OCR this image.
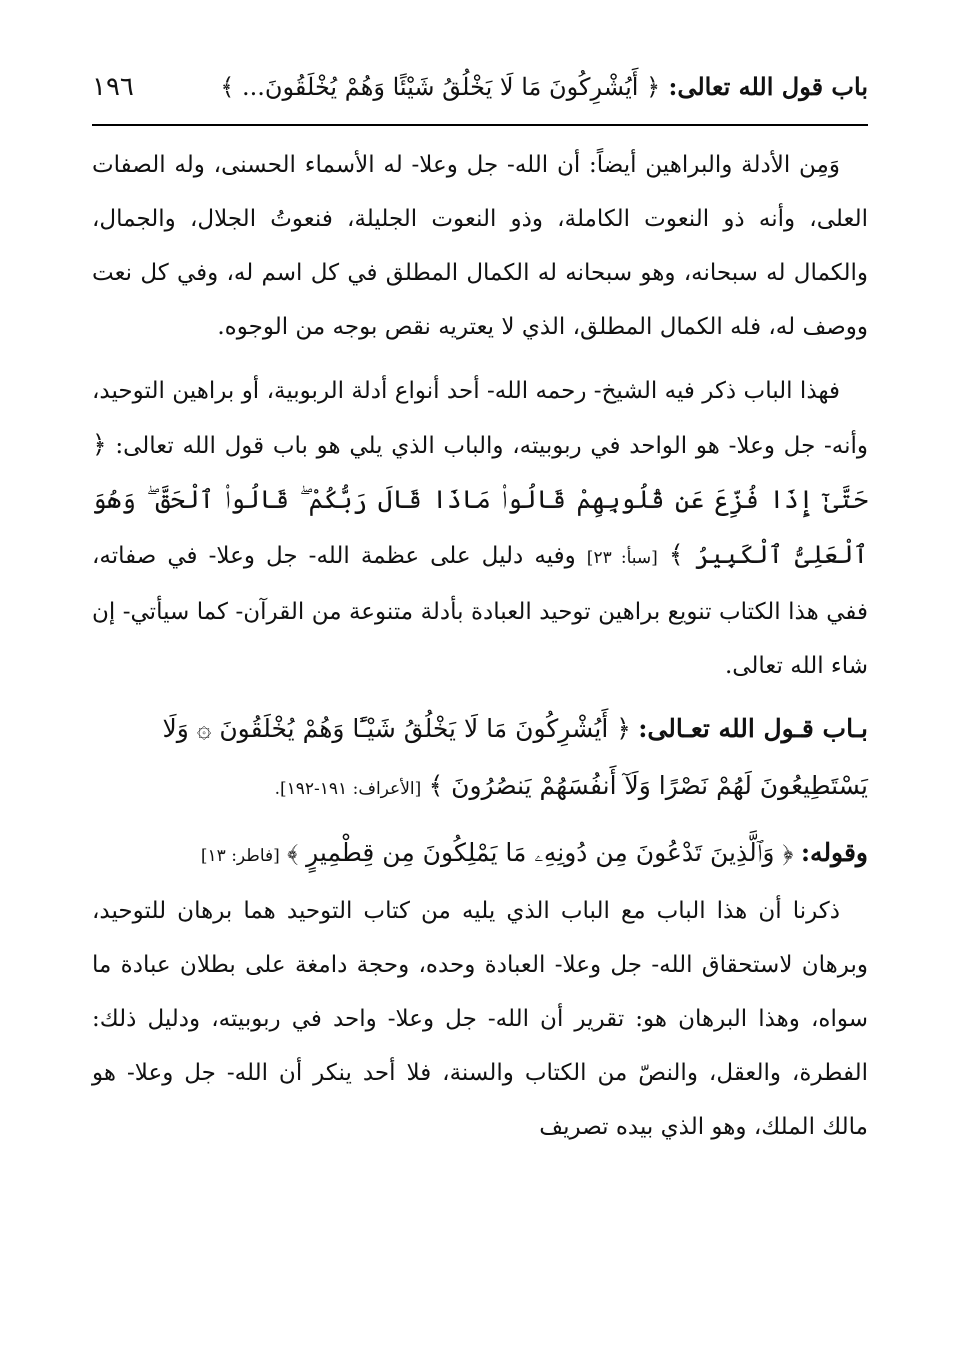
باب قول الله تعالى: ﴿ أَيُشْرِكُونَ مَا لَا يَخْلُقُ شَيْئًا وَهُمْ يُخْلَقُونَ... ﴾
١٩٦

وَمِن الأدلة والبراهين أيضاً: أن الله- جل وعلا- له الأسماء الحسنى، وله الصفات العلى، وأنه ذو النعوت الكاملة، وذو النعوت الجليلة، فنعوتُ الجلال، والجمال، والكمال له سبحانه، وهو سبحانه له الكمال المطلق في كل اسم له، وفي كل نعت ووصف له، فله الكمال المطلق، الذي لا يعتريه نقص بوجه من الوجوه.

فهذا الباب ذكر فيه الشيخ- رحمه الله- أحد أنواع أدلة الربوبية، أو براهين التوحيد، وأنه- جل وعلا- هو الواحد في ربوبيته، والباب الذي يلي هو باب قول الله تعالى: ﴿ حَتَّىٰٓ إِذَا فُزِّعَ عَن قُلُوبِهِمْ قَالُوا۟ مَاذَا قَالَ رَبُّكُمْ ۖ قَالُوا۟ ٱلْحَقَّ ۖ وَهُوَ ٱلْعَلِىُّ ٱلْكَبِيرُ ﴾ [سبأ: ٢٣] وفيه دليل على عظمة الله- جل وعلا- في صفاته، ففي هذا الكتاب تنويع براهين توحيد العبادة بأدلة متنوعة من القرآن- كما سيأتي- إن شاء الله تعالى.

بـاب قـول الله تعـالى: ﴿ أَيُشْرِكُونَ مَا لَا يَخْلُقُ شَيْـًٔا وَهُمْ يُخْلَقُونَ ۞ وَلَا يَسْتَطِيعُونَ لَهُمْ نَصْرًا وَلَآ أَنفُسَهُمْ يَنصُرُونَ ﴾ [الأعراف: ١٩١-١٩٢].

وقوله: ﴿ وَٱلَّذِينَ تَدْعُونَ مِن دُونِهِۦ مَا يَمْلِكُونَ مِن قِطْمِيرٍ ﴾ [فاطر: ١٣]

ذكرنا أن هذا الباب مع الباب الذي يليه من كتاب التوحيد هما برهان للتوحيد، وبرهان لاستحقاق الله- جل وعلا- العبادة وحده، وحجة دامغة على بطلان عبادة ما سواه، وهذا البرهان هو: تقرير أن الله- جل وعلا- واحد في ربوبيته، ودليل ذلك: الفطرة، والعقل، والنصّ من الكتاب والسنة، فلا أحد ينكر أن الله- جل وعلا- هو مالك الملك، وهو الذي بيده تصريف
